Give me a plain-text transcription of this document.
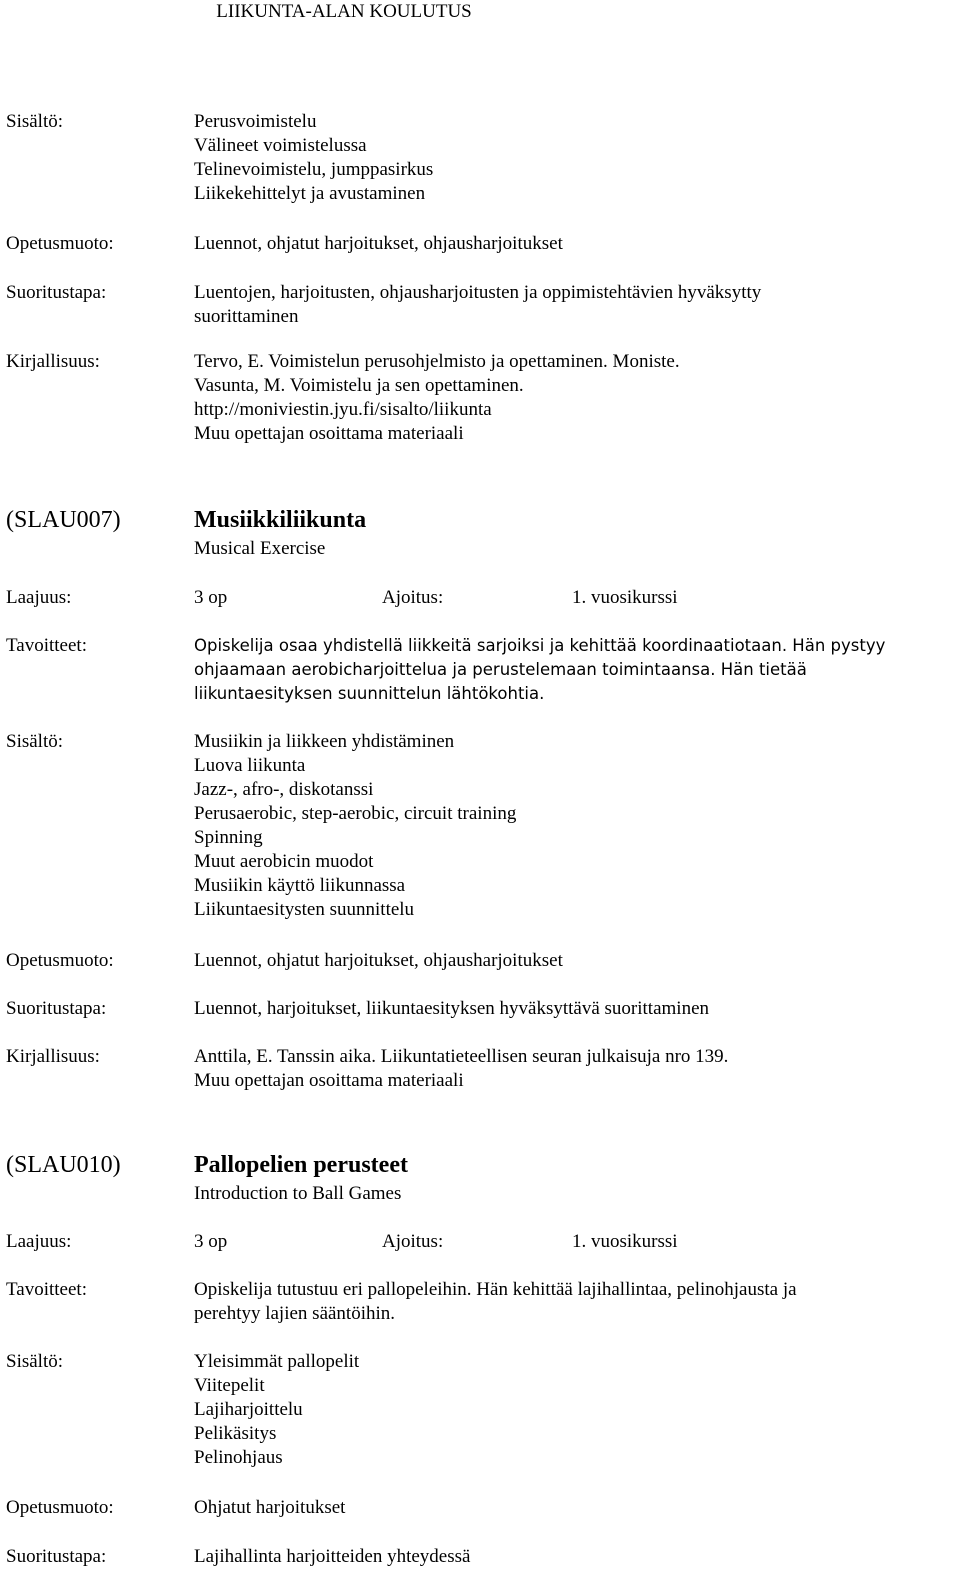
LIIKUNTA-ALAN KOULUTUS
Sisältö:	Perusvoimistelu
Välineet voimistelussa
Telinevoimistelu, jumppasirkus
Liikekehittelyt ja avustaminen
Opetusmuoto:	Luennot, ohjatut harjoitukset, ohjausharjoitukset
Suoritustapa:	Luentojen, harjoitusten, ohjausharjoitusten ja oppimistehtävien hyväksytty
suorittaminen
Kirjallisuus:	Tervo, E. Voimistelun perusohjelmisto ja opettaminen. Moniste.
Vasunta, M. Voimistelu ja sen opettaminen.
http://moniviestin.jyu.fi/sisalto/liikunta
Muu opettajan osoittama materiaali
(SLAU007)	Musiikkiliikunta
Musical Exercise
Laajuus:	3 op	Ajoitus:	1. vuosikurssi
Tavoitteet:	Opiskelija osaa yhdistellä liikkeitä sarjoiksi ja kehittää koordinaatiotaan. Hän pystyy
ohjaamaan aerobicharjoittelua ja perustelemaan toimintaansa. Hän tietää
liikuntaesityksen suunnittelun lähtökohtia.
Sisältö:	Musiikin ja liikkeen yhdistäminen
Luova liikunta
Jazz-, afro-, diskotanssi
Perusaerobic, step-aerobic, circuit training
Spinning
Muut aerobicin muodot
Musiikin käyttö liikunnassa
Liikuntaesitysten suunnittelu
Opetusmuoto:	Luennot, ohjatut harjoitukset, ohjausharjoitukset
Suoritustapa:	Luennot, harjoitukset, liikuntaesityksen hyväksyttävä suorittaminen
Kirjallisuus:	Anttila, E. Tanssin aika. Liikuntatieteellisen seuran julkaisuja nro 139.
Muu opettajan osoittama materiaali
(SLAU010)	Pallopelien perusteet
Introduction to Ball Games
Laajuus:	3 op	Ajoitus:	1. vuosikurssi
Tavoitteet:	Opiskelija tutustuu eri pallopeleihin. Hän kehittää lajihallintaa, pelinohjausta ja
perehtyy lajien sääntöihin.
Sisältö:	Yleisimmät pallopelit
Viitepelit
Lajiharjoittelu
Pelikäsitys
Pelinohjaus
Opetusmuoto:	Ohjatut harjoitukset
Suoritustapa:	Lajihallinta harjoitteiden yhteydessä
